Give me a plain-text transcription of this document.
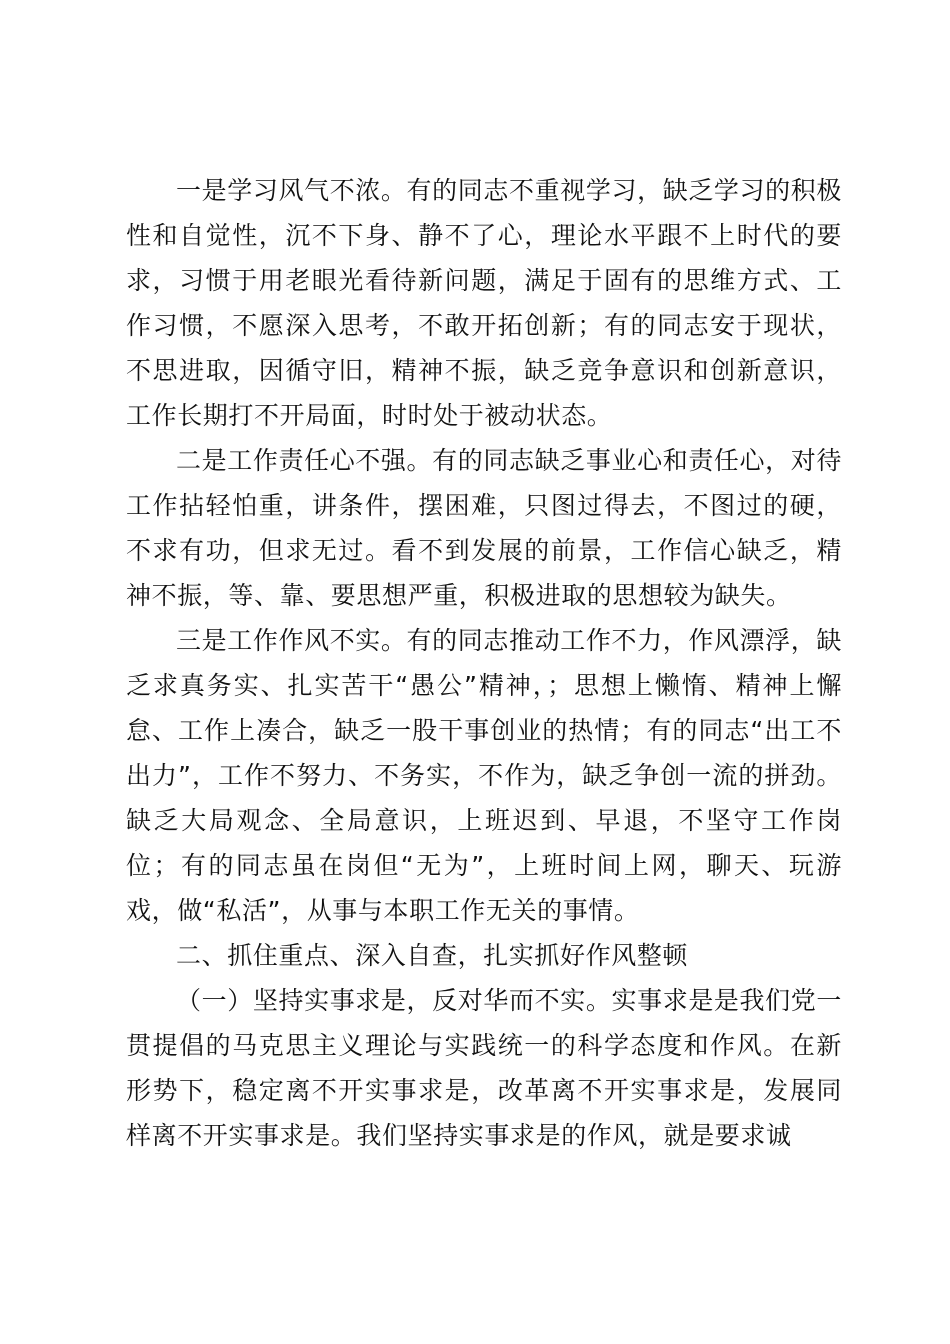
一是学习风气不浓。有的同志不重视学习，缺乏学习的积极性和自觉性，沉不下身、静不了心，理论水平跟不上时代的要求，习惯于用老眼光看待新问题，满足于固有的思维方式、工作习惯，不愿深入思考，不敢开拓创新；有的同志安于现状，不思进取，因循守旧，精神不振，缺乏竞争意识和创新意识，工作长期打不开局面，时时处于被动状态。

二是工作责任心不强。有的同志缺乏事业心和责任心，对待工作拈轻怕重，讲条件，摆困难，只图过得去，不图过的硬，不求有功，但求无过。看不到发展的前景，工作信心缺乏，精神不振，等、靠、要思想严重，积极进取的思想较为缺失。

三是工作作风不实。有的同志推动工作不力，作风漂浮，缺乏求真务实、扎实苦干“愚公”精神，；思想上懒惰、精神上懈怠、工作上凑合，缺乏一股干事创业的热情；有的同志“出工不出力”，工作不努力、不务实，不作为，缺乏争创一流的拼劲。缺乏大局观念、全局意识，上班迟到、早退，不坚守工作岗位；有的同志虽在岗但“无为”，上班时间上网，聊天、玩游戏，做“私活”，从事与本职工作无关的事情。

二、抓住重点、深入自查，扎实抓好作风整顿

（一）坚持实事求是，反对华而不实。实事求是是我们党一贯提倡的马克思主义理论与实践统一的科学态度和作风。在新形势下，稳定离不开实事求是，改革离不开实事求是，发展同样离不开实事求是。我们坚持实事求是的作风，就是要求诚
